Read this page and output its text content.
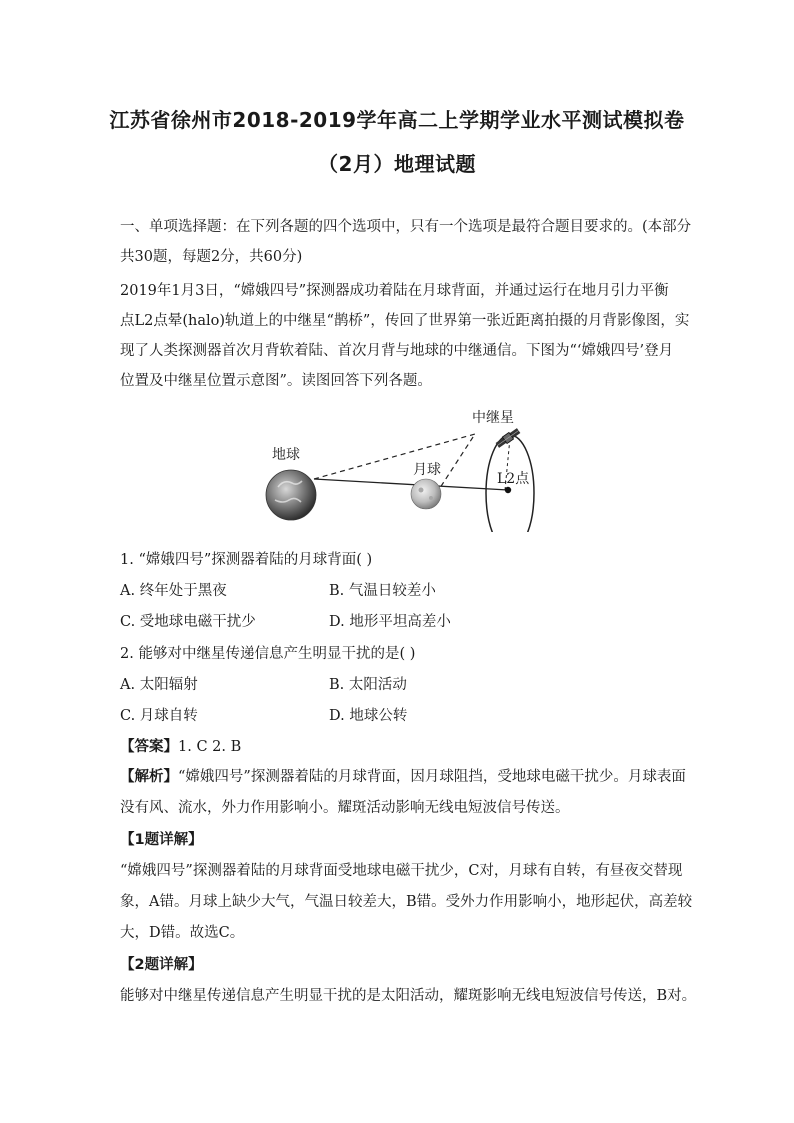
江苏省徐州市2018-2019学年高二上学期学业水平测试模拟卷
（2月）地理试题
一、单项选择题：在下列各题的四个选项中，只有一个选项是最符合题目要求的。(本部分
共30题，每题2分，共60分)
2019年1月3日，“嫦娥四号”探测器成功着陆在月球背面，并通过运行在地月引力平衡
点L2点晕(halo)轨道上的中继星“鹊桥”，传回了世界第一张近距离拍摄的月背影像图，实
现了人类探测器首次月背软着陆、首次月背与地球的中继通信。下图为“‘嫦娥四号’登月
位置及中继星位置示意图”。读图回答下列各题。
地球
月球
中继星
L2点
1. “嫦娥四号”探测器着陆的月球背面( )
A. 终年处于黑夜	B. 气温日较差小
C. 受地球电磁干扰少	D. 地形平坦高差小
2. 能够对中继星传递信息产生明显干扰的是( )
A. 太阳辐射	B. 太阳活动
C. 月球自转	D. 地球公转
【答案】1. C 2. B
【解析】“嫦娥四号”探测器着陆的月球背面，因月球阻挡，受地球电磁干扰少。月球表面
没有风、流水，外力作用影响小。耀斑活动影响无线电短波信号传送。
【1题详解】
“嫦娥四号”探测器着陆的月球背面受地球电磁干扰少，C对，月球有自转，有昼夜交替现
象，A错。月球上缺少大气，气温日较差大，B错。受外力作用影响小，地形起伏，高差较
大，D错。故选C。
【2题详解】
能够对中继星传递信息产生明显干扰的是太阳活动，耀斑影响无线电短波信号传送，B对。
